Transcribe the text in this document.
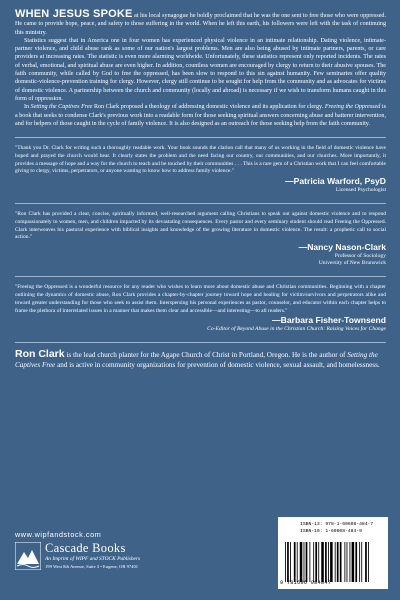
WHEN JESUS SPOKE at his local synagogue he boldly proclaimed that he was the one sent to free those who were oppressed. He came to provide hope, peace, and safety to those suffering in the world. When he left this earth, his followers were left with the task of continuing this ministry.

Statistics suggest that in America one in four women has experienced physical violence in an intimate relationship. Dating violence, intimate-partner violence, and child abuse rank as some of our nation's largest problems. Men are also being abused by intimate partners, parents, or care providers at increasing rates. The statistic is even more alarming worldwide. Unfortunately, these statistics represent only reported incidents. The rates of verbal, emotional, and spiritual abuse are even higher. In addition, countless women are encouraged by clergy to return to their abusive spouses. The faith community, while called by God to free the oppressed, has been slow to respond to this sin against humanity. Few seminaries offer quality domestic-violence-prevention training for clergy. However, clergy still continue to be sought for help from the community and as advocates for victims of domestic violence. A partnership between the church and community (locally and abroad) is necessary if we wish to transform humans caught in this form of oppression.

In Setting the Captives Free Ron Clark proposed a theology of addressing domestic violence and its application for clergy. Freeing the Oppressed is a book that seeks to condense Clark's previous work into a readable form for those seeking spiritual answers concerning abuse and batterer intervention, and for helpers of those caught in the cycle of family violence. It is also designed as an outreach for those seeking help from the faith community.

"Thank you Dr. Clark for writing such a thoroughly readable work. Your book sounds the clarion call that many of us working in the field of domestic violence have hoped and prayed the church would hear. It clearly states the problem and the need facing our country, our communities, and our churches. More importantly, it provides a message of hope and a way for the church to teach and be touched by their communities . . . This is a rare gem of a Christian work that I can feel comfortable giving to clergy, victims, perpetrators, or anyone wanting to know how to address family violence."

—Patricia Warford, PsyD
Licensed Psychologist

"Ron Clark has provided a clear, concise, spiritually informed, well-researched argument calling Christians to speak out against domestic violence and to respond compassionately to women, men, and children impacted by its devastating consequences. Every pastor and every seminary student should read Freeing the Oppressed. Clark interweaves his pastoral experience with biblical insights and knowledge of the growing literature in domestic violence. The result: a prophetic call to social action."

—Nancy Nason-Clark
Professor of Sociology
University of New Brunswick

"Freeing the Oppressed is a wonderful resource for any reader who wishes to learn more about domestic abuse and Christian communities. Beginning with a chapter outlining the dynamics of domestic abuse, Ron Clark provides a chapter-by-chapter journey toward hope and healing for victim/survivors and perpetrators alike and toward greater understanding for those who seek to assist them. Interspersing his personal experiences as pastor, counselor, and educator within each chapter helps to frame the plethora of interrelated issues in a manner that makes them clear and accessible—and interesting—to all readers."

—Barbara Fisher-Townsend
Co-Editor of Beyond Abuse in the Christian Church: Raising Voices for Change
Ron Clark is the lead church planter for the Agape Church of Christ in Portland, Oregon. He is the author of Setting the Captives Free and is active in community organizations for prevention of domestic violence, sexual assault, and homelessness.
www.wipfandstock.com
Cascade Books
An Imprint of WIPF and STOCK Publishers
199 West 8th Avenue, Suite 3 • Eugene, OR 97401
ISBN-13: 978-1-60608-484-7
ISBN-10: 1-60608-484-9
9 781606 084847
